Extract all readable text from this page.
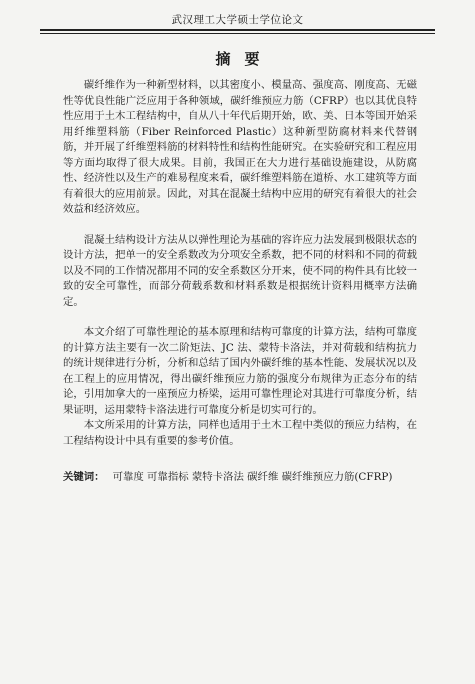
武汉理工大学硕士学位论文
摘要

碳纤维作为一种新型材料，以其密度小、模量高、强度高、刚度高、无磁性等优良性能广泛应用于各种领域，碳纤维预应力筋（CFRP）也以其优良特性应用于土木工程结构中，自从八十年代后期开始，欧、美、日本等国开始采用纤维塑料筋（Fiber Reinforced Plastic）这种新型防腐材料来代替钢筋，并开展了纤维塑料筋的材料特性和结构性能研究。在实验研究和工程应用等方面均取得了很大成果。目前，我国正在大力进行基础设施建设，从防腐性、经济性以及生产的难易程度来看，碳纤维塑料筋在道桥、水工建筑等方面有着很大的应用前景。因此，对其在混凝土结构中应用的研究有着很大的社会效益和经济效应。

混凝土结构设计方法从以弹性理论为基础的容许应力法发展到极限状态的设计方法，把单一的安全系数改为分项安全系数，把不同的材料和不同的荷载以及不同的工作情况都用不同的安全系数区分开来，使不同的构件具有比较一致的安全可靠性，而部分荷载系数和材料系数是根据统计资料用概率方法确定。

本文介绍了可靠性理论的基本原理和结构可靠度的计算方法，结构可靠度的计算方法主要有一次二阶矩法、JC 法、蒙特卡洛法，并对荷载和结构抗力的统计规律进行分析，分析和总结了国内外碳纤维的基本性能、发展状况以及在工程上的应用情况，得出碳纤维预应力筋的强度分布规律为正态分布的结论，引用加拿大的一座预应力桥梁，运用可靠性理论对其进行可靠度分析，结果证明，运用蒙特卡洛法进行可靠度分析是切实可行的。

本文所采用的计算方法，同样也适用于土木工程中类似的预应力结构，在工程结构设计中具有重要的参考价值。

关键词： 可靠度 可靠指标 蒙特卡洛法 碳纤维 碳纤维预应力筋(CFRP)
